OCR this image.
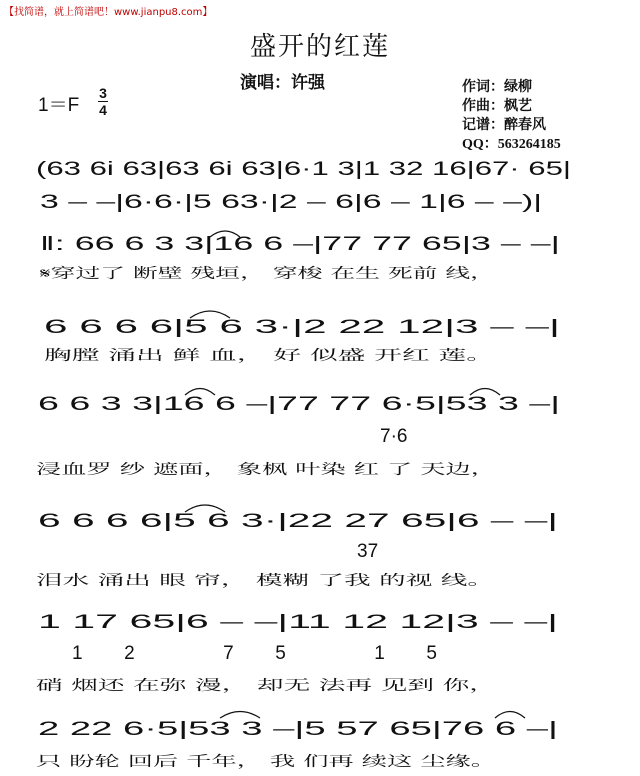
【找简谱，就上简谱吧！www.jianpu8.com】
盛开的红莲
演唱：许强
1＝F
3
4
作词：绿柳
作曲：枫艺
记谱：醉春风
QQ：563264185
(63 6i 63|63 6i 63|6·1 3|1 32 16|67· 65|
3 – –|6·6·|5 63·|2 – 6|6 – 1|6 – –)|
‖: 66 6 3 3|16 6 –|77 77 65|3 – –|
𝄋穿过了 断壁 残垣， 穿梭 在生 死前 线，
6 6 6 6|5 6 3·|2 22 12|3 – –|
胸膛 涌出 鲜 血， 好 似盛 开红 莲。
6 6 3 3|16 6 –|77 77 6·5|53 3 –|
7·6
浸血罗 纱 遮面， 象枫 叶染 红 了 天边，
6 6 6 6|5 6 3·|22 27 65|6 – –|
37
泪水 涌出 眼 帘， 模糊 了我 的视 线。
1 17 65|6 – –|11 12 12|3 – –|
12 75 15
硝 烟还 在弥 漫， 却无 法再 见到 你，
2 22 6·5|53 3 –|5 57 65|76 6 –|
只 盼轮 回后 千年， 我 们再 续这 尘缘。
